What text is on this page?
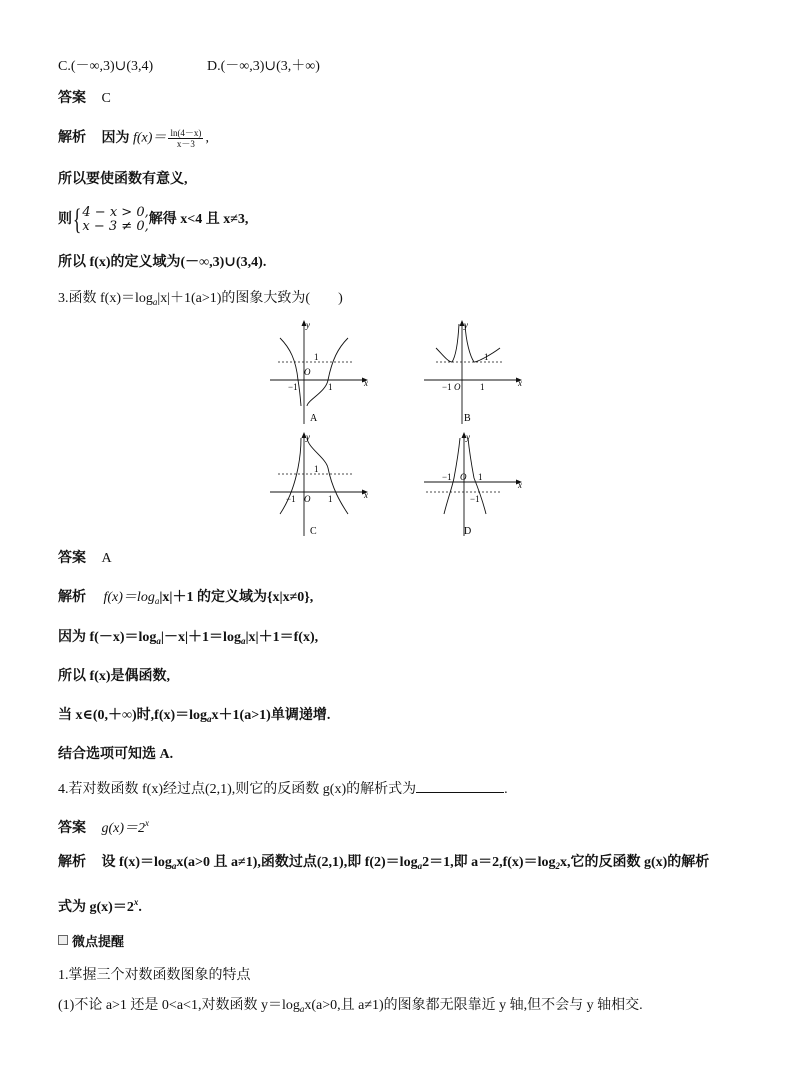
C.(－∞,3)∪(3,4)	D.(－∞,3)∪(3,＋∞)
答案 C
解析 因为 $f(x)= \frac{\ln(4-x)}{x-3}$ ,
所以要使函数有意义,
则{ 4 − x > 0,
x − 3 ≠ 0, 解得 x<4 且 x≠3,
所以 f(x)的定义域为(－∞,3)∪(3,4).
3.函数 $f(x)=\log_a|x|+1(a>1)$的图象大致为(　　)
y
x
O
1
−1	1
A
y
x
O
1
−1	1
B
y
x
O
1
−1	1
C
y
x
O
−1	1
−1
D
答案 A
解析 $f(x)=\log_a|x|+1$ 的定义域为{x|x≠0},
因为 $f(-x)=\log_a|-x|+1=\log_a|x|+1=f(x)$,
所以 f(x)是偶函数,
当 x∈(0,＋∞)时$,f(x)=\log_ax+1(a>1)$单调递增.
结合选项可知选 A.
4.若对数函数 f(x)经过点(2,1),则它的反函数 g(x)的解析式为	.
答案 $g(x)=2^x$
解析 设 $f(x)=\log_ax(a>0$ 且 a≠1),函数过点(2,1),即 $f(2)=\log_a2=1$,即 $a=2,f(x)=\log_2x$,它的反函数 g(x)的解析
式为 $g(x)=2^x$.
微点提醒
1.掌握三个对数函数图象的特点
(1)不论 a>1 还是 0<a<1,对数函数 $y=\log_ax(a>0$,且 a≠1)的图象都无限靠近 y 轴,但不会与 y 轴相交.
